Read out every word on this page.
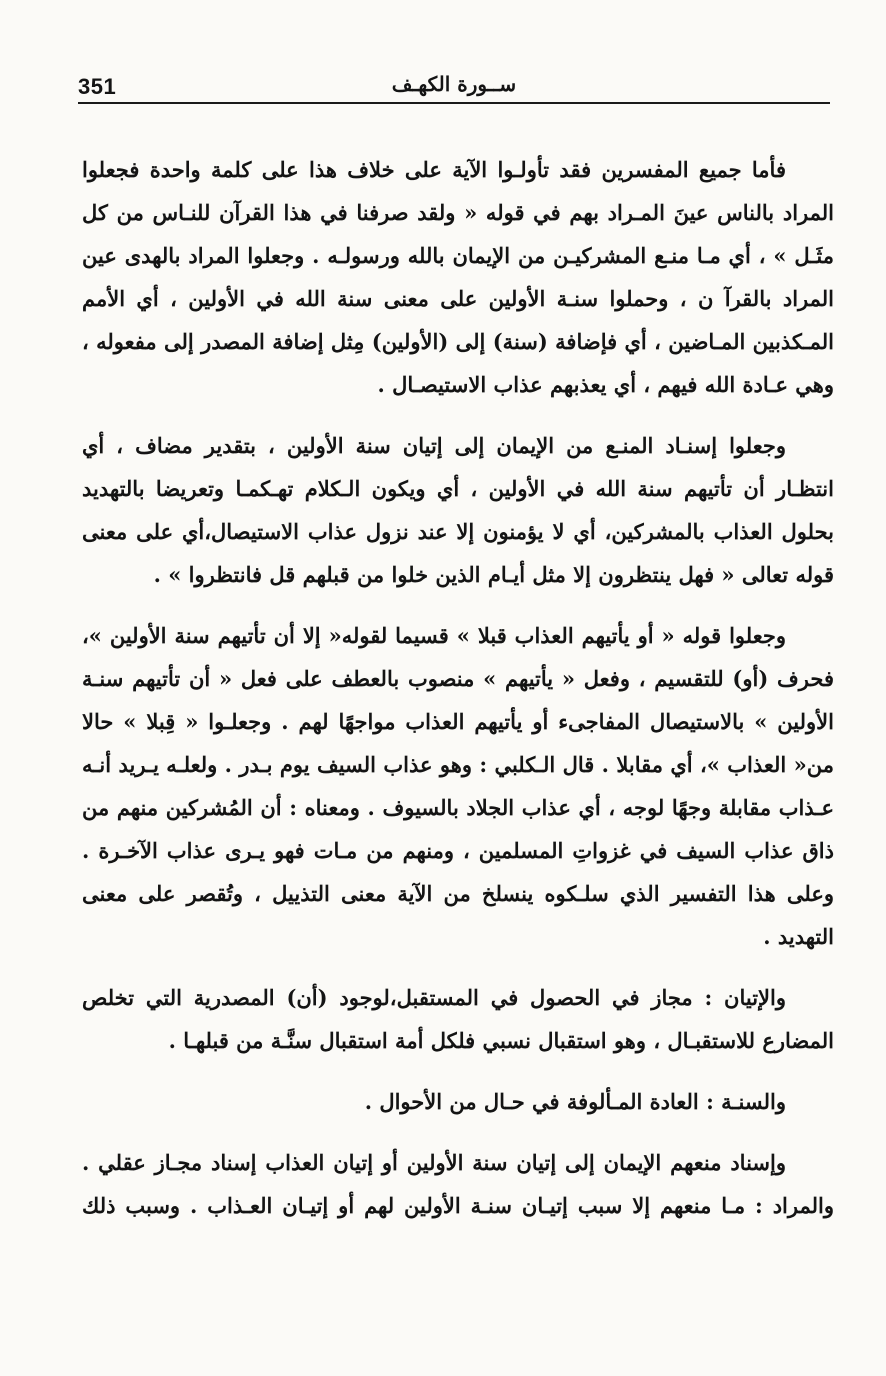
351	ســورة الكهـف

فأما جميع المفسرين فقد تأولـوا الآية على خلاف هذا على كلمة واحدة فجعلوا المراد بالناس عينَ المـراد بهم في قوله « ولقد صرفنا في هذا القرآن للنـاس من كل مثَـل » ، أي مـا منـع المشركيـن من الإيمان بالله ورسولـه . وجعلوا المراد بالهدى عين المراد بالقرآ ن ، وحملوا سنـة الأولين على معنى سنة الله في الأولين ، أي الأمم المـكذبين المـاضين ، أي فإضافة (سنة) إلى (الأولين) مِثل إضافة المصدر إلى مفعوله ، وهي عـادة الله فيهم ، أي يعذبهم عذاب الاستيصـال .

وجعلوا إسنـاد المنـع من الإيمان إلى إتيان سنة الأولين ، بتقدير مضاف ، أي انتظـار أن تأتيهم سنة الله في الأولين ، أي ويكون الـكلام تهـكمـا وتعريضا بالتهديد بحلول العذاب بالمشركين، أي لا يؤمنون إلا عند نزول عذاب الاستيصال،أي على معنى قوله تعالى « فهل ينتظرون إلا مثل أيـام الذين خلوا من قبلهم قل فانتظروا » .

وجعلوا قوله « أو يأتيهم العذاب قبلا » قسيما لقوله« إلا أن تأتيهم سنة الأولين »، فحرف (أو) للتقسيم ، وفعل « يأتيهم » منصوب بالعطف على فعل « أن تأتيهم سنـة الأولين » بالاستيصال المفاجىء أو يأتيهم العذاب مواجهًا لهم . وجعلـوا « قِبلا » حالا من« العذاب »، أي مقابلا . قال الـكلبي : وهو عذاب السيف يوم بـدر . ولعلـه يـريد أنـه عـذاب مقابلة وجهًا لوجه ، أي عذاب الجلاد بالسيوف . ومعناه : أن المُشركين منهم من ذاق عذاب السيف في غزواتِ المسلمين ، ومنهم من مـات فهو يـرى عذاب الآخـرة . وعلى هذا التفسير الذي سلـكوه ينسلخ من الآية معنى التذييل ، وتُقصر على معنى التهديد .

والإتيان : مجاز في الحصول في المستقبل،لوجود (أن) المصدرية التي تخلص المضارع للاستقبـال ، وهو استقبال نسبي فلكل أمة استقبال سنَّـة من قبلهـا .

والسنـة : العادة المـألوفة في حـال من الأحوال .

وإسناد منعهم الإيمان إلى إتيان سنة الأولين أو إتيان العذاب إسناد مجـاز عقلي . والمراد : مـا منعهم إلا سبب إتيـان سنـة الأولين لهم أو إتيـان العـذاب . وسبب ذلك
